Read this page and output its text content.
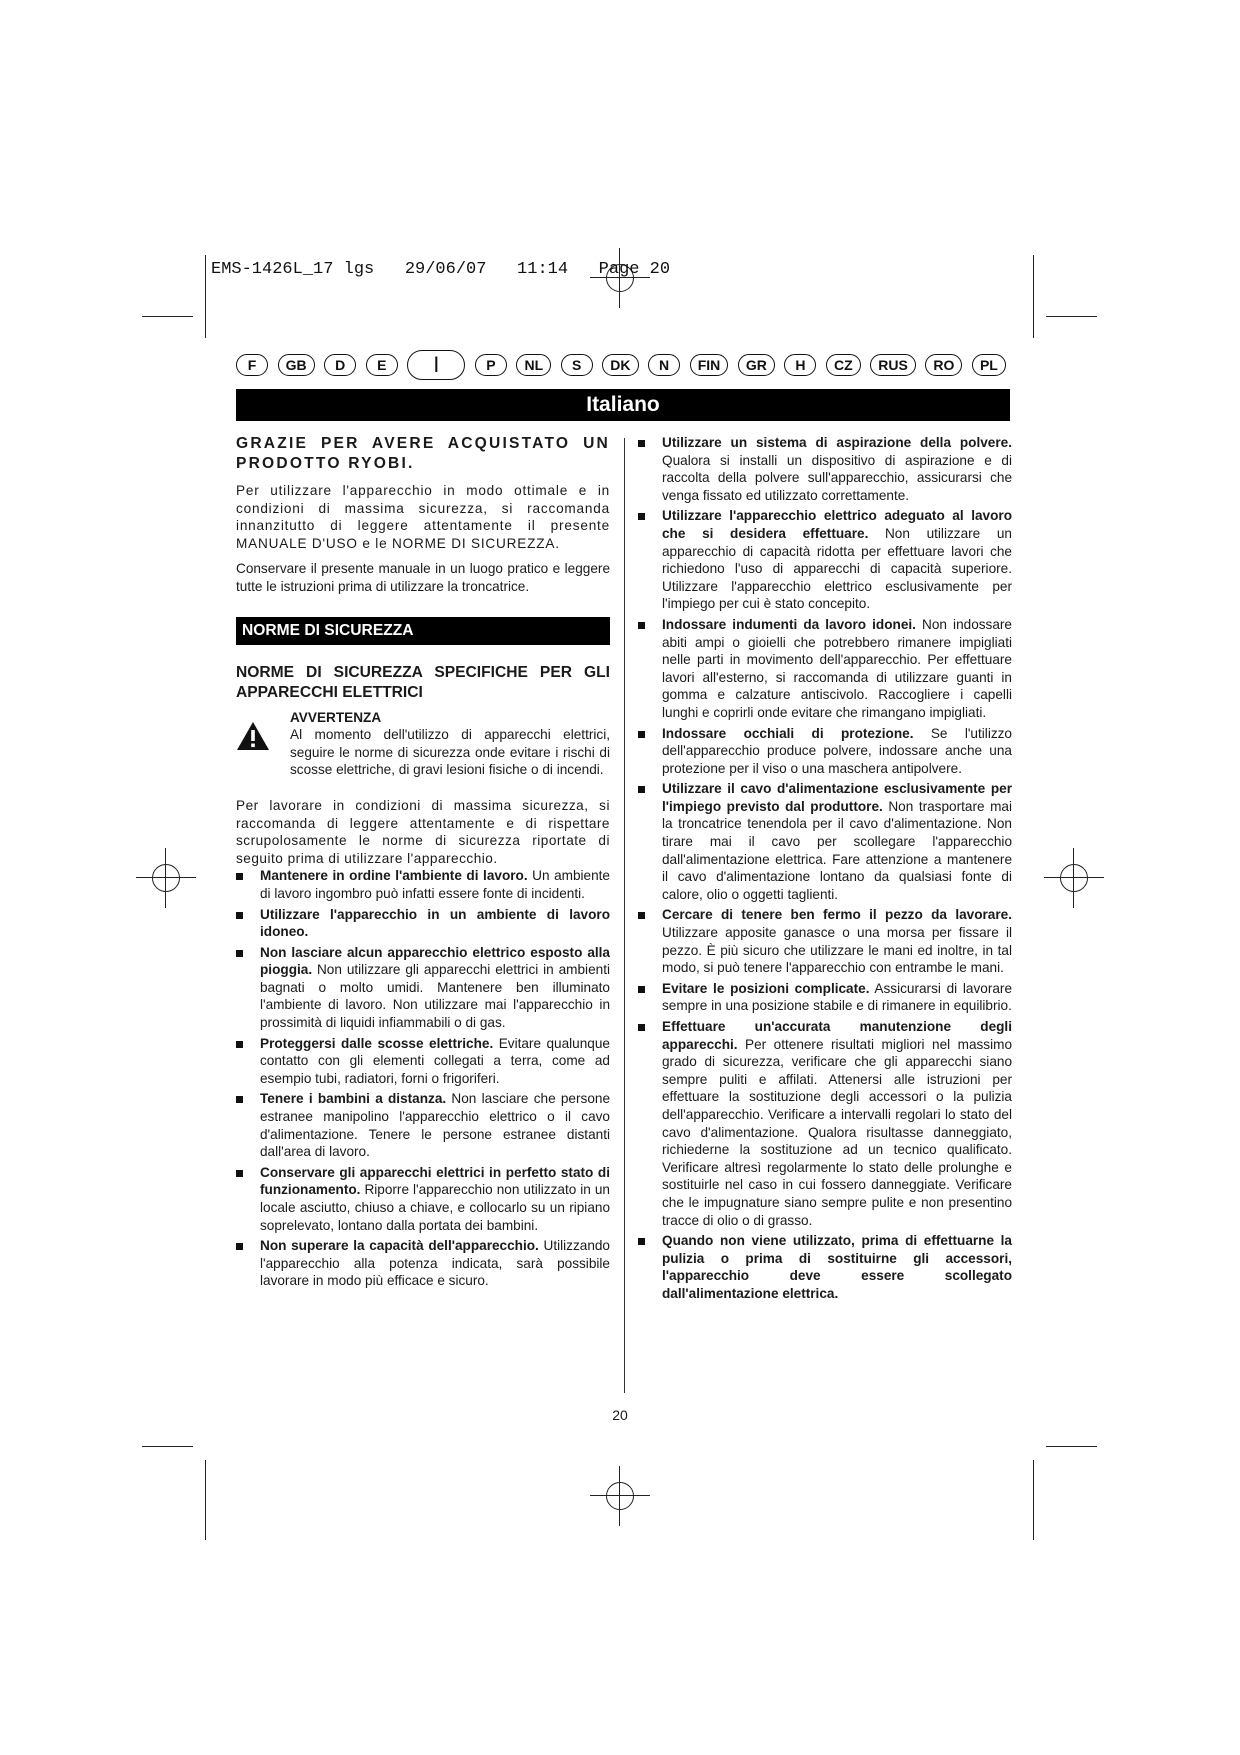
EMS-1426L_17 lgs   29/06/07   11:14   Page 20
F	GB	D	E	I	P	NL	S	DK	N	FIN	GR	H	CZ	RUS	RO	PL
Italiano
GRAZIE PER AVERE ACQUISTATO UN PRODOTTO RYOBI.

Per utilizzare l'apparecchio in modo ottimale e in condizioni di massima sicurezza, si raccomanda innanzitutto di leggere attentamente il presente MANUALE D'USO e le NORME DI SICUREZZA.

Conservare il presente manuale in un luogo pratico e leggere tutte le istruzioni prima di utilizzare la troncatrice.

NORME DI SICUREZZA
NORME DI SICUREZZA SPECIFICHE PER GLI APPARECCHI ELETTRICI
AVVERTENZA

Al momento dell'utilizzo di apparecchi elettrici, seguire le norme di sicurezza onde evitare i rischi di scosse elettriche, di gravi lesioni fisiche o di incendi.

Per lavorare in condizioni di massima sicurezza, si raccomanda di leggere attentamente e di rispettare scrupolosamente le norme di sicurezza riportate di seguito prima di utilizzare l'apparecchio.

Mantenere in ordine l'ambiente di lavoro. Un ambiente di lavoro ingombro può infatti essere fonte di incidenti.
Utilizzare l'apparecchio in un ambiente di lavoro idoneo.
Non lasciare alcun apparecchio elettrico esposto alla pioggia. Non utilizzare gli apparecchi elettrici in ambienti bagnati o molto umidi. Mantenere ben illuminato l'ambiente di lavoro. Non utilizzare mai l'apparecchio in prossimità di liquidi infiammabili o di gas.
Proteggersi dalle scosse elettriche. Evitare qualunque contatto con gli elementi collegati a terra, come ad esempio tubi, radiatori, forni o frigoriferi.
Tenere i bambini a distanza. Non lasciare che persone estranee manipolino l'apparecchio elettrico o il cavo d'alimentazione. Tenere le persone estranee distanti dall'area di lavoro.
Conservare gli apparecchi elettrici in perfetto stato di funzionamento. Riporre l'apparecchio non utilizzato in un locale asciutto, chiuso a chiave, e collocarlo su un ripiano soprelevato, lontano dalla portata dei bambini.
Non superare la capacità dell'apparecchio. Utilizzando l'apparecchio alla potenza indicata, sarà possibile lavorare in modo più efficace e sicuro.
Utilizzare un sistema di aspirazione della polvere. Qualora si installi un dispositivo di aspirazione e di raccolta della polvere sull'apparecchio, assicurarsi che venga fissato ed utilizzato correttamente.
Utilizzare l'apparecchio elettrico adeguato al lavoro che si desidera effettuare. Non utilizzare un apparecchio di capacità ridotta per effettuare lavori che richiedono l'uso di apparecchi di capacità superiore. Utilizzare l'apparecchio elettrico esclusivamente per l'impiego per cui è stato concepito.
Indossare indumenti da lavoro idonei. Non indossare abiti ampi o gioielli che potrebbero rimanere impigliati nelle parti in movimento dell'apparecchio. Per effettuare lavori all'esterno, si raccomanda di utilizzare guanti in gomma e calzature antiscivolo. Raccogliere i capelli lunghi e coprirli onde evitare che rimangano impigliati.
Indossare occhiali di protezione. Se l'utilizzo dell'apparecchio produce polvere, indossare anche una protezione per il viso o una maschera antipolvere.
Utilizzare il cavo d'alimentazione esclusivamente per l'impiego previsto dal produttore. Non trasportare mai la troncatrice tenendola per il cavo d'alimentazione. Non tirare mai il cavo per scollegare l'apparecchio dall'alimentazione elettrica. Fare attenzione a mantenere il cavo d'alimentazione lontano da qualsiasi fonte di calore, olio o oggetti taglienti.
Cercare di tenere ben fermo il pezzo da lavorare. Utilizzare apposite ganasce o una morsa per fissare il pezzo. È più sicuro che utilizzare le mani ed inoltre, in tal modo, si può tenere l'apparecchio con entrambe le mani.
Evitare le posizioni complicate. Assicurarsi di lavorare sempre in una posizione stabile e di rimanere in equilibrio.
Effettuare un'accurata manutenzione degli apparecchi. Per ottenere risultati migliori nel massimo grado di sicurezza, verificare che gli apparecchi siano sempre puliti e affilati. Attenersi alle istruzioni per effettuare la sostituzione degli accessori o la pulizia dell'apparecchio. Verificare a intervalli regolari lo stato del cavo d'alimentazione. Qualora risultasse danneggiato, richiederne la sostituzione ad un tecnico qualificato. Verificare altresì regolarmente lo stato delle prolunghe e sostituirle nel caso in cui fossero danneggiate. Verificare che le impugnature siano sempre pulite e non presentino tracce di olio o di grasso.
Quando non viene utilizzato, prima di effettuarne la pulizia o prima di sostituirne gli accessori, l'apparecchio deve essere scollegato dall'alimentazione elettrica.
20
